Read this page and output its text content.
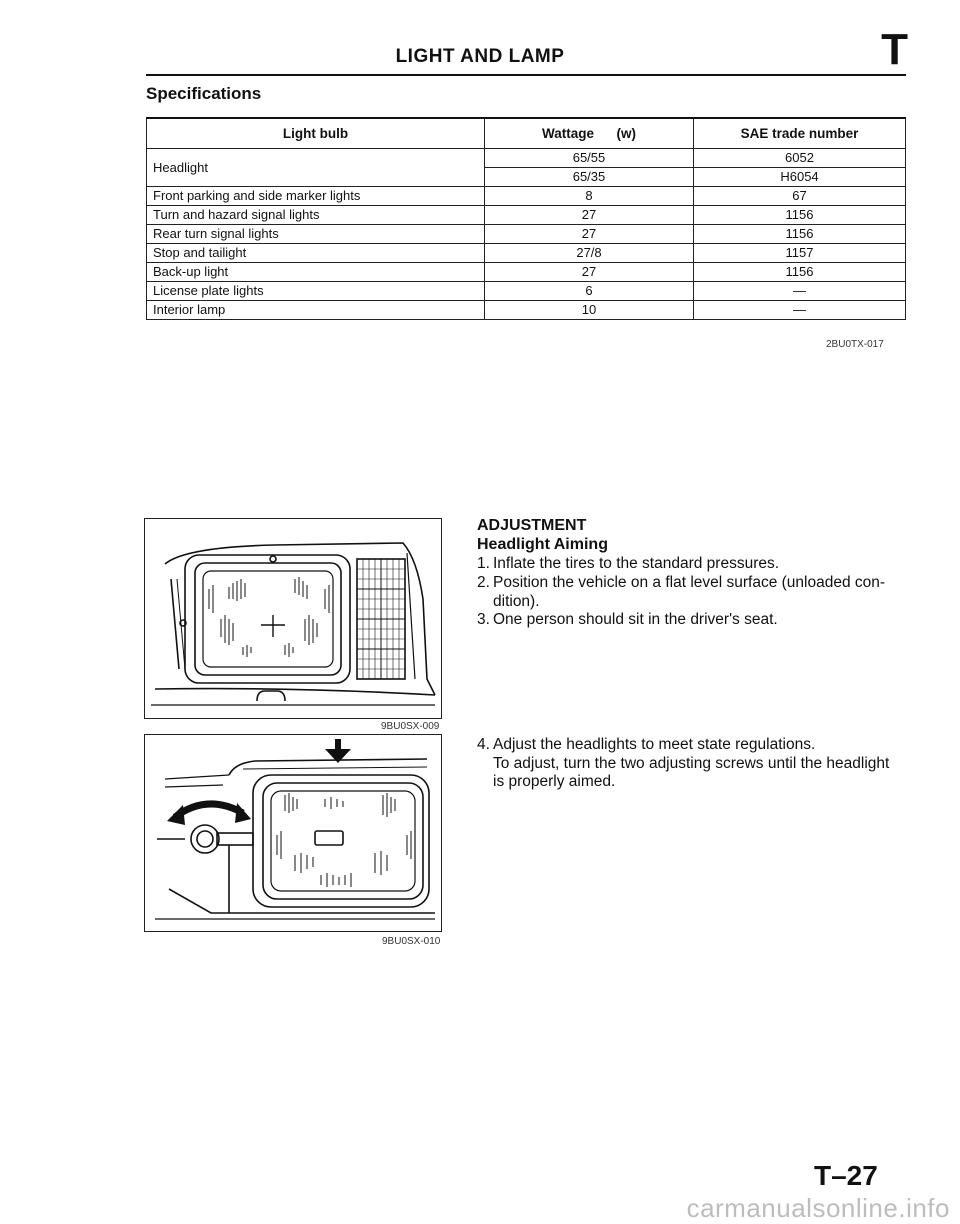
LIGHT AND LAMP	T
Specifications
Light bulb	Wattage      (w)	SAE trade number
Headlight	65/55	6052
	65/35	H6054
Front parking and side marker lights	8	67
Turn and hazard signal lights	27	1156
Rear turn signal lights	27	1156
Stop and tailight	27/8	1157
Back-up light	27	1156
License plate lights	6	—
Interior lamp	10	—
2BU0TX-017
9BU0SX-009
9BU0SX-010
ADJUSTMENT
Headlight Aiming
1. Inflate the tires to the standard pressures.
2. Position the vehicle on a flat level surface (unloaded con-
dition).
3. One person should sit in the driver's seat.
4. Adjust the headlights to meet state regulations.
To adjust, turn the two adjusting screws until the headlight
is properly aimed.
T–27
carmanualsonline.info
